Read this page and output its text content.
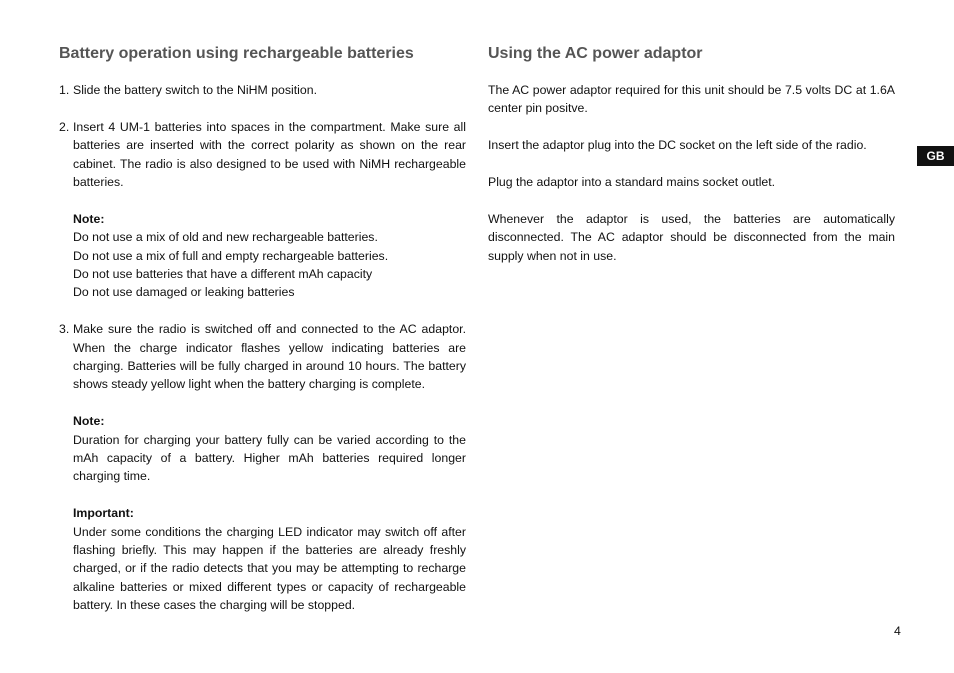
Battery operation using rechargeable batteries

1. Slide the battery switch to the NiHM position.

2. Insert 4 UM-1 batteries into spaces in the compartment. Make sure all batteries are inserted with the correct polarity as shown on the rear cabinet. The radio is also designed to be used with NiMH rechargeable batteries.

Note:

Do not use a mix of old and new rechargeable batteries.

Do not use a mix of full and empty rechargeable batteries.

Do not use batteries that have a different mAh capacity

Do not use damaged or leaking batteries

3. Make sure the radio is switched off and connected to the AC adaptor. When the charge indicator flashes yellow indicating batteries are charging. Batteries will be fully charged in around 10 hours. The battery shows steady yellow light when the battery charging is complete.

Note:

Duration for charging your battery fully can be varied according to the mAh capacity of a battery. Higher mAh batteries required longer charging time.

Important:

Under some conditions the charging LED indicator may switch off after flashing briefly. This may happen if the batteries are already freshly charged, or if the radio detects that you may be attempting to recharge alkaline batteries or mixed different types or capacity of rechargeable battery. In these cases the charging will be stopped.

Using the AC power adaptor

The AC power adaptor required for this unit should be 7.5 volts DC at 1.6A center pin positve.

Insert the adaptor plug into the DC socket on the left side of the radio.

Plug the adaptor into a standard mains socket outlet.

Whenever the adaptor is used, the batteries are automatically disconnected. The AC adaptor should be disconnected from the main supply when not in use.

GB
4
